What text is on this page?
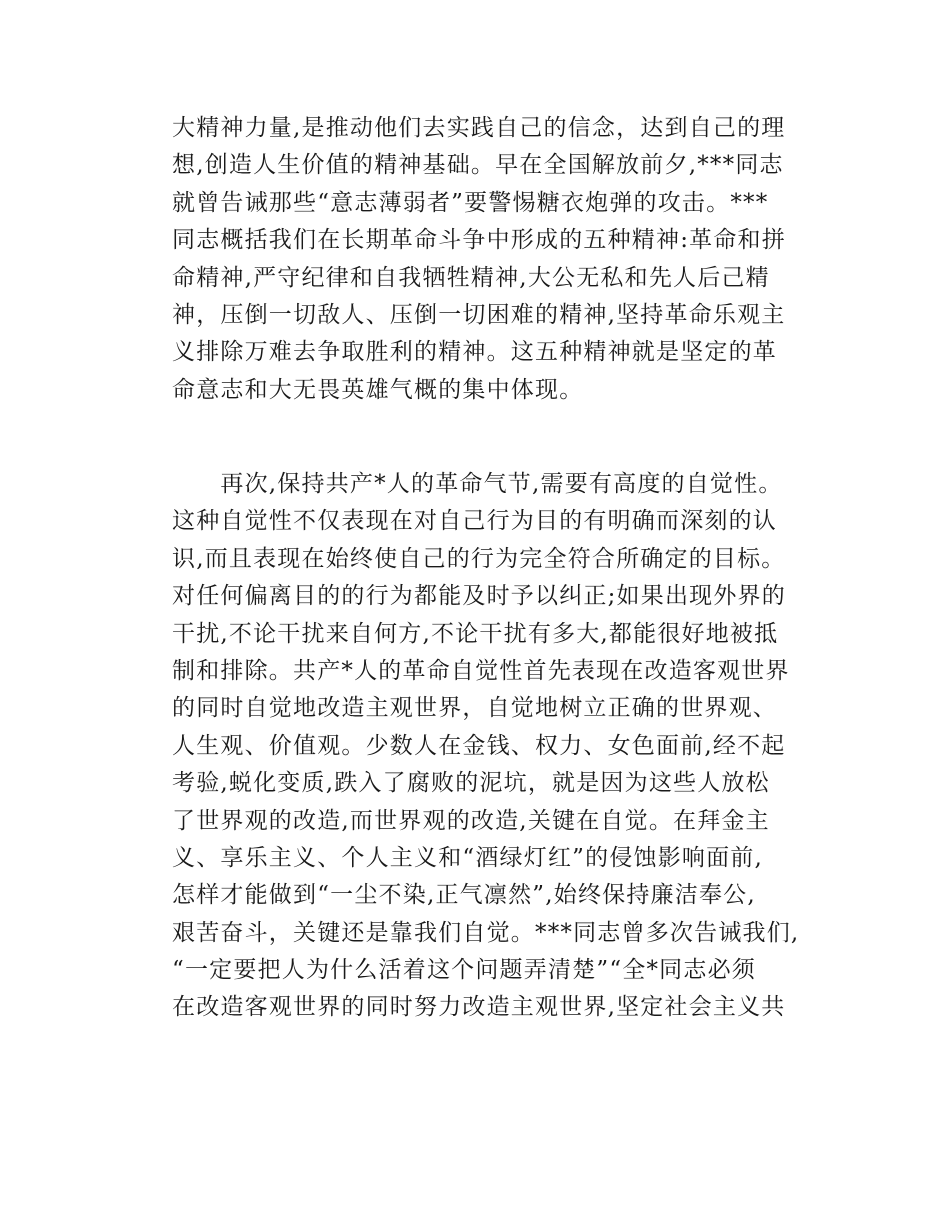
大精神力量,是推动他们去实践自己的信念，达到自己的理
想,创造人生价值的精神基础。早在全国解放前夕,***同志
就曾告诫那些“意志薄弱者”要警惕糖衣炮弹的攻击。***
同志概括我们在长期革命斗争中形成的五种精神:革命和拼
命精神,严守纪律和自我牺牲精神,大公无私和先人后己精
神，压倒一切敌人、压倒一切困难的精神,坚持革命乐观主
义排除万难去争取胜利的精神。这五种精神就是坚定的革
命意志和大无畏英雄气概的集中体现。
　　再次,保持共产*人的革命气节,需要有高度的自觉性。
这种自觉性不仅表现在对自己行为目的有明确而深刻的认
识,而且表现在始终使自己的行为完全符合所确定的目标。
对任何偏离目的的行为都能及时予以纠正;如果出现外界的
干扰,不论干扰来自何方,不论干扰有多大,都能很好地被抵
制和排除。共产*人的革命自觉性首先表现在改造客观世界
的同时自觉地改造主观世界，自觉地树立正确的世界观、
人生观、价值观。少数人在金钱、权力、女色面前,经不起
考验,蜕化变质,跌入了腐败的泥坑，就是因为这些人放松
了世界观的改造,而世界观的改造,关键在自觉。在拜金主
义、享乐主义、个人主义和“酒绿灯红”的侵蚀影响面前,
怎样才能做到“一尘不染,正气凛然”,始终保持廉洁奉公,
艰苦奋斗，关键还是靠我们自觉。***同志曾多次告诫我们,
“一定要把人为什么活着这个问题弄清楚”“全*同志必须
在改造客观世界的同时努力改造主观世界,坚定社会主义共
